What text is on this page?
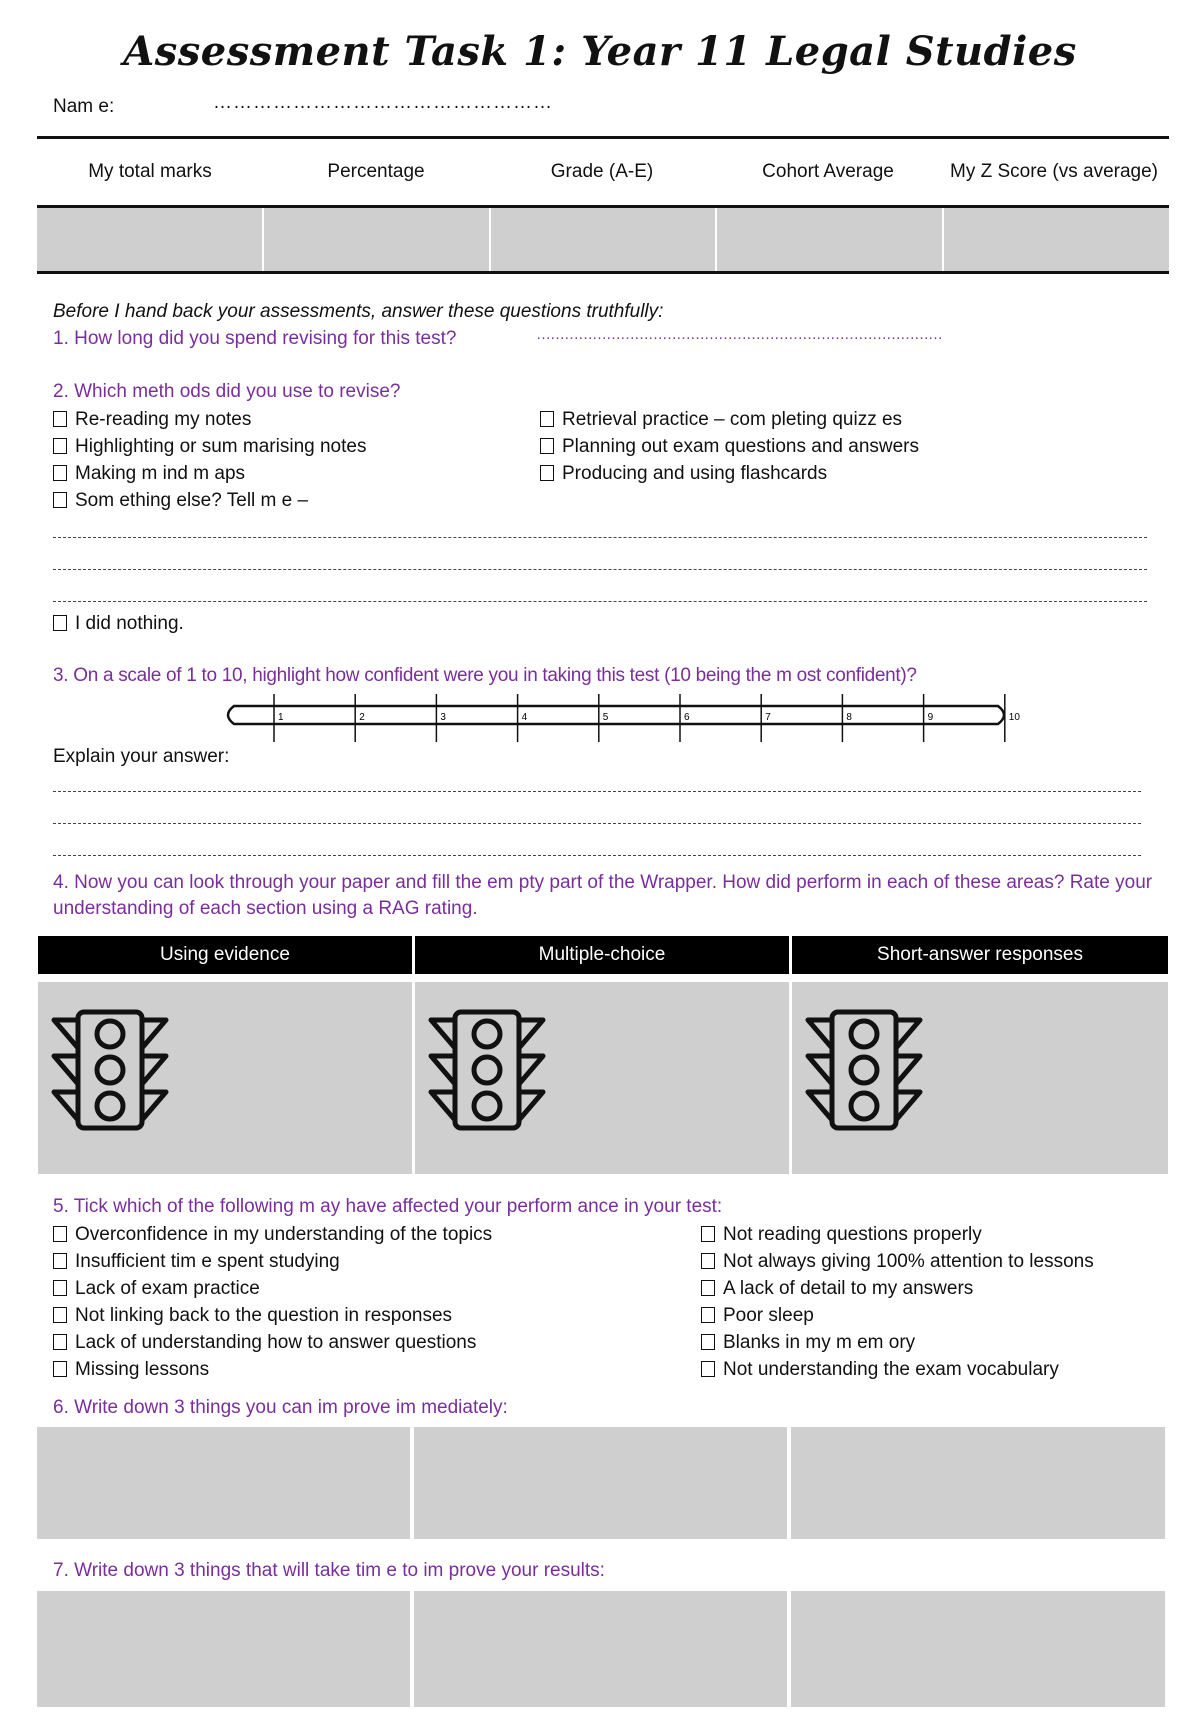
Assessment Task 1: Year 11 Legal Studies
Nam e:	……………………………………………
My total marks	Percentage	Grade (A-E)	Cohort Average	My Z Score (vs average)
Before I hand back your assessments, answer these questions truthfully:
1. How long did you spend revising for this test?	……………………………………………………………………………
2. Which meth ods did you use to revise?
Re-reading my notes
Highlighting or sum marising notes
Making m ind m aps
Som ething else? Tell m e –
Retrieval practice – com pleting quizz es
Planning out exam questions and answers
Producing and using flashcards
I did nothing.
3. On a scale of 1 to 10, highlight how confident were you in taking this test (10 being the m ost confident)?
1	2	3	4	5	6	7	8	9	10
Explain your answer:
4. Now you can look through your paper and fill the em pty part of the Wrapper. How did perform in each of these areas? Rate your understanding of each section using a RAG rating.
Using evidence	Multiple-choice	Short-answer responses
5. Tick which of the following m ay have affected your perform ance in your test:
Overconfidence in my understanding of the topics
Insufficient tim e spent studying
Lack of exam practice
Not linking back to the question in responses
Lack of understanding how to answer questions
Missing lessons
Not reading questions properly
Not always giving 100% attention to lessons
A lack of detail to my answers
Poor sleep
Blanks in my m em ory
Not understanding the exam vocabulary
6. Write down 3 things you can im prove im mediately:
7. Write down 3 things that will take tim e to im prove your results:
